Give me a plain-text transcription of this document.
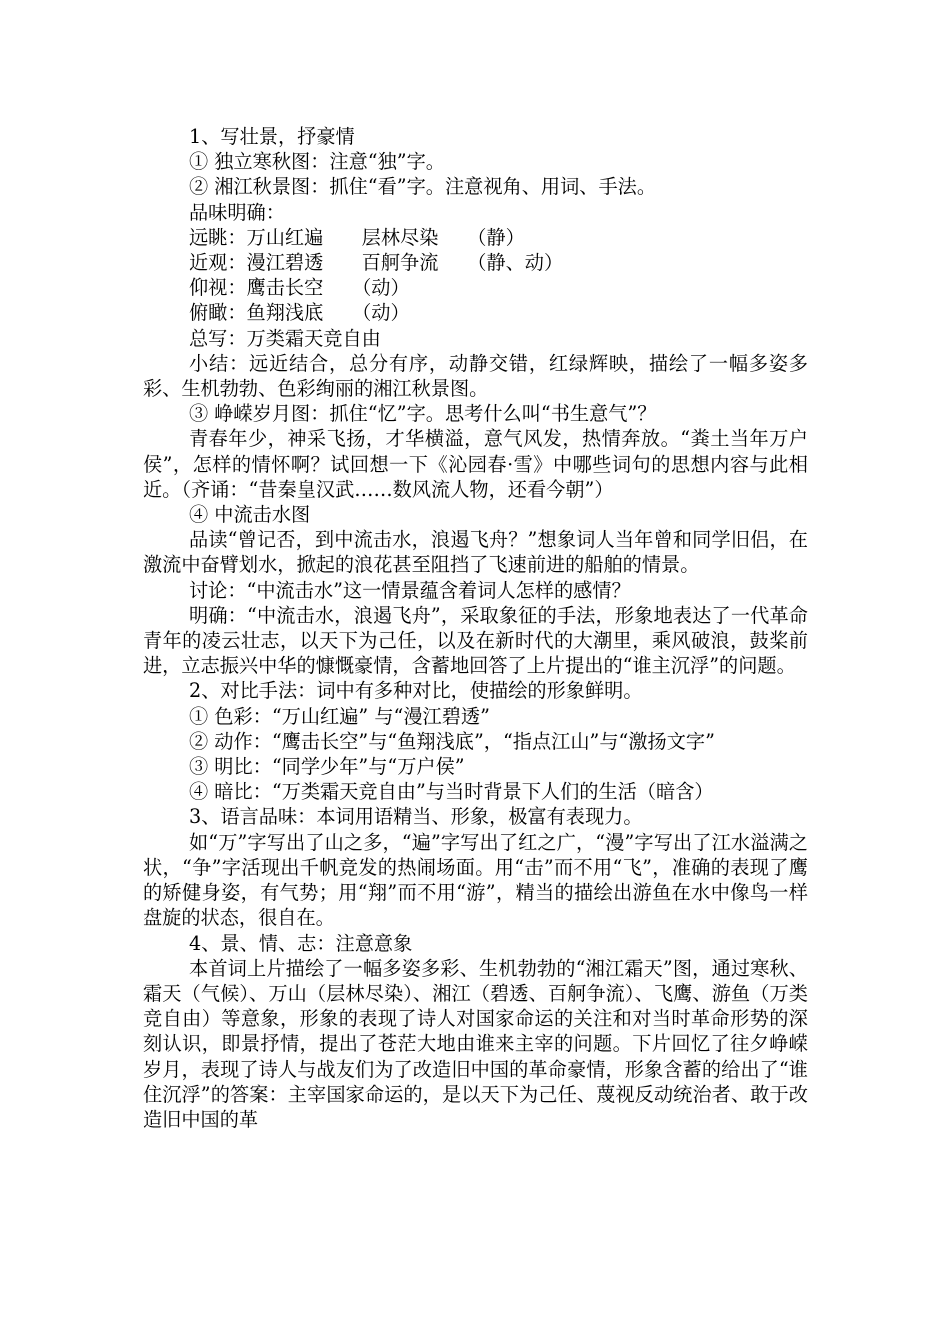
1、写壮景，抒豪情

① 独立寒秋图：注意“独”字。

② 湘江秋景图：抓住“看”字。注意视角、用词、手法。

品味明确：

远眺：万山红遍　　层林尽染　　（静）

近观：漫江碧透　　百舸争流　　（静、动）

仰视：鹰击长空　　（动）

俯瞰：鱼翔浅底　　（动）

总写：万类霜天竞自由

小结：远近结合，总分有序，动静交错，红绿辉映，描绘了一幅多姿多彩、生机勃勃、色彩绚丽的湘江秋景图。

③ 峥嵘岁月图：抓住“忆”字。思考什么叫“书生意气”？

青春年少，神采飞扬，才华横溢，意气风发，热情奔放。“粪土当年万户侯”，怎样的情怀啊？试回想一下《沁园春·雪》中哪些词句的思想内容与此相近。（齐诵：“昔秦皇汉武……数风流人物，还看今朝”）

④ 中流击水图

品读“曾记否，到中流击水，浪遏飞舟？”想象词人当年曾和同学旧侣，在激流中奋臂划水，掀起的浪花甚至阻挡了飞速前进的船舶的情景。

讨论：“中流击水”这一情景蕴含着词人怎样的感情？

明确：“中流击水，浪遏飞舟”，采取象征的手法，形象地表达了一代革命青年的凌云壮志，以天下为己任，以及在新时代的大潮里，乘风破浪，鼓桨前进，立志振兴中华的慷慨豪情，含蓄地回答了上片提出的“谁主沉浮”的问题。

2、对比手法：词中有多种对比，使描绘的形象鲜明。

① 色彩：“万山红遍” 与“漫江碧透”

② 动作：“鹰击长空”与“鱼翔浅底”，“指点江山”与“激扬文字”

③ 明比：“同学少年”与“万户侯”

④ 暗比：“万类霜天竞自由”与当时背景下人们的生活（暗含）

3、语言品味：本词用语精当、形象，极富有表现力。

如“万”字写出了山之多，“遍”字写出了红之广，“漫”字写出了江水溢满之状，“争”字活现出千帆竞发的热闹场面。用“击”而不用“飞”，准确的表现了鹰的矫健身姿，有气势；用“翔”而不用“游”，精当的描绘出游鱼在水中像鸟一样盘旋的状态，很自在。

4、景、情、志：注意意象

本首词上片描绘了一幅多姿多彩、生机勃勃的“湘江霜天”图，通过寒秋、霜天（气候）、万山（层林尽染）、湘江（碧透、百舸争流）、飞鹰、游鱼（万类竞自由）等意象，形象的表现了诗人对国家命运的关注和对当时革命形势的深刻认识，即景抒情，提出了苍茫大地由谁来主宰的问题。下片回忆了往夕峥嵘岁月，表现了诗人与战友们为了改造旧中国的革命豪情，形象含蓄的给出了“谁住沉浮”的答案：主宰国家命运的，是以天下为己任、蔑视反动统治者、敢于改造旧中国的革
